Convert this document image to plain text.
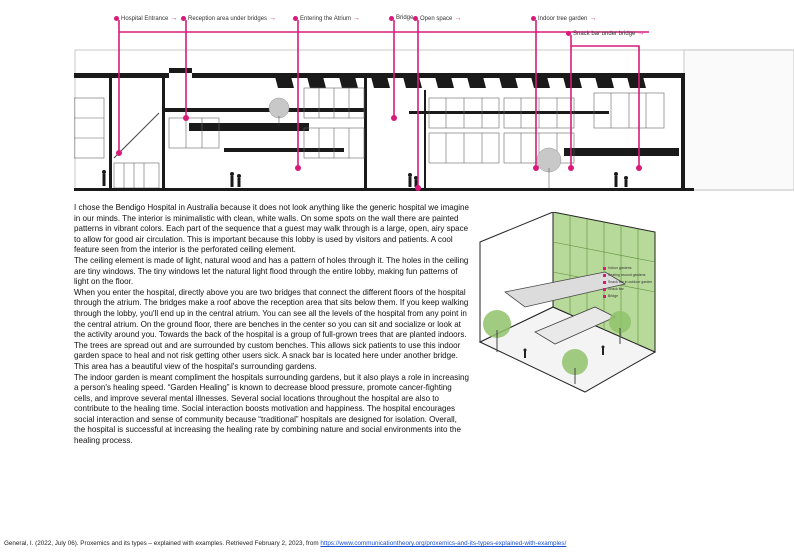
Hospital Entrance → Reception area under bridges →	Entering the Atrium →	Bridge Open space →	Indoor tree garden →
Snack bar under bridge →

I chose the Bendigo Hospital in Australia because it does not look anything like the generic hospital we imagine in our minds. The interior is minimalistic with clean, white walls. On some spots on the wall there are painted patterns in vibrant colors. Each part of the sequence that a guest may walk through is a large, open, airy space to allow for good air circulation. This is important because this lobby is used by visitors and patients. A cool feature seen from the interior is the perforated ceiling element.

The ceiling element is made of light, natural wood and has a pattern of holes through it. The holes in the ceiling are tiny windows. The tiny windows let the natural light flood through the entire lobby, making fun patterns of light on the floor.

When you enter the hospital, directly above you are two bridges that connect the different floors of the hospital through the atrium. The bridges make a roof above the reception area that sits below them. If you keep walking through the lobby, you'll end up in the central atrium. You can see all the levels of the hospital from any point in the central atrium. On the ground floor, there are benches in the center so you can sit and socialize or look at the activity around you. Towards the back of the hospital is a group of full-grown trees that are planted indoors. The trees are spread out and are surrounded by custom benches. This allows sick patients to use this indoor garden space to heal and not risk getting other users sick. A snack bar is located here under another bridge. This area has a beautiful view of the hospital's surrounding gardens.

The indoor garden is meant compliment the hospitals surrounding gardens, but it also plays a role in increasing a person's healing speed. “Garden Healing” is known to decrease blood pressure, promote cancer-fighting cells, and improve several mental illnesses. Several social locations throughout the hospital are also to contribute to the healing time. Social interaction boosts motivation and happiness. The hospital encourages social interaction and sense of community because “traditional” hospitals are designed for isolation. Overall, the hospital is successful at increasing the healing rate by combining nature and social environments into the healing process.

Indoor gardens
Seating around gardens
Snack bar in outdoor garden
Snack bar
Bridge
General, I. (2022, July 06). Proxemics and its types – explained with examples. Retrieved February 2, 2023, from https://www.communicationtheory.org/proxemics-and-its-types-explained-with-examples/
